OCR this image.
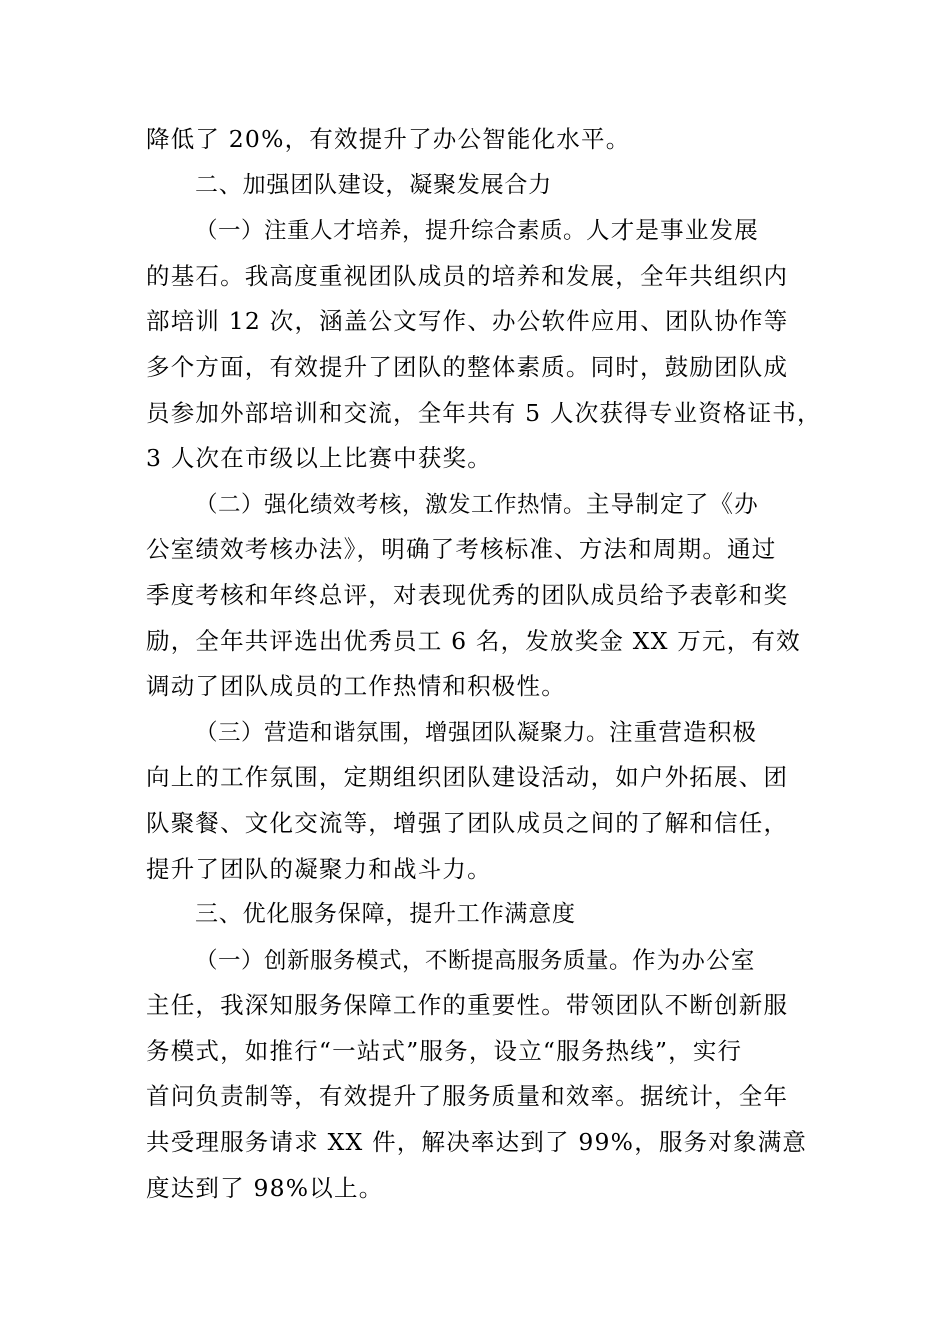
降低了 20%，有效提升了办公智能化水平。

二、加强团队建设，凝聚发展合力

（一）注重人才培养，提升综合素质。人才是事业发展

的基石。我高度重视团队成员的培养和发展，全年共组织内

部培训 12 次，涵盖公文写作、办公软件应用、团队协作等

多个方面，有效提升了团队的整体素质。同时，鼓励团队成

员参加外部培训和交流，全年共有 5 人次获得专业资格证书，

3 人次在市级以上比赛中获奖。

（二）强化绩效考核，激发工作热情。主导制定了《办

公室绩效考核办法》，明确了考核标准、方法和周期。通过

季度考核和年终总评，对表现优秀的团队成员给予表彰和奖

励，全年共评选出优秀员工 6 名，发放奖金 XX 万元，有效

调动了团队成员的工作热情和积极性。

（三）营造和谐氛围，增强团队凝聚力。注重营造积极

向上的工作氛围，定期组织团队建设活动，如户外拓展、团

队聚餐、文化交流等，增强了团队成员之间的了解和信任，

提升了团队的凝聚力和战斗力。

三、优化服务保障，提升工作满意度

（一）创新服务模式，不断提高服务质量。作为办公室

主任，我深知服务保障工作的重要性。带领团队不断创新服

务模式，如推行“一站式”服务，设立“服务热线”，实行

首问负责制等，有效提升了服务质量和效率。据统计，全年

共受理服务请求 XX 件，解决率达到了 99%，服务对象满意

度达到了 98%以上。
